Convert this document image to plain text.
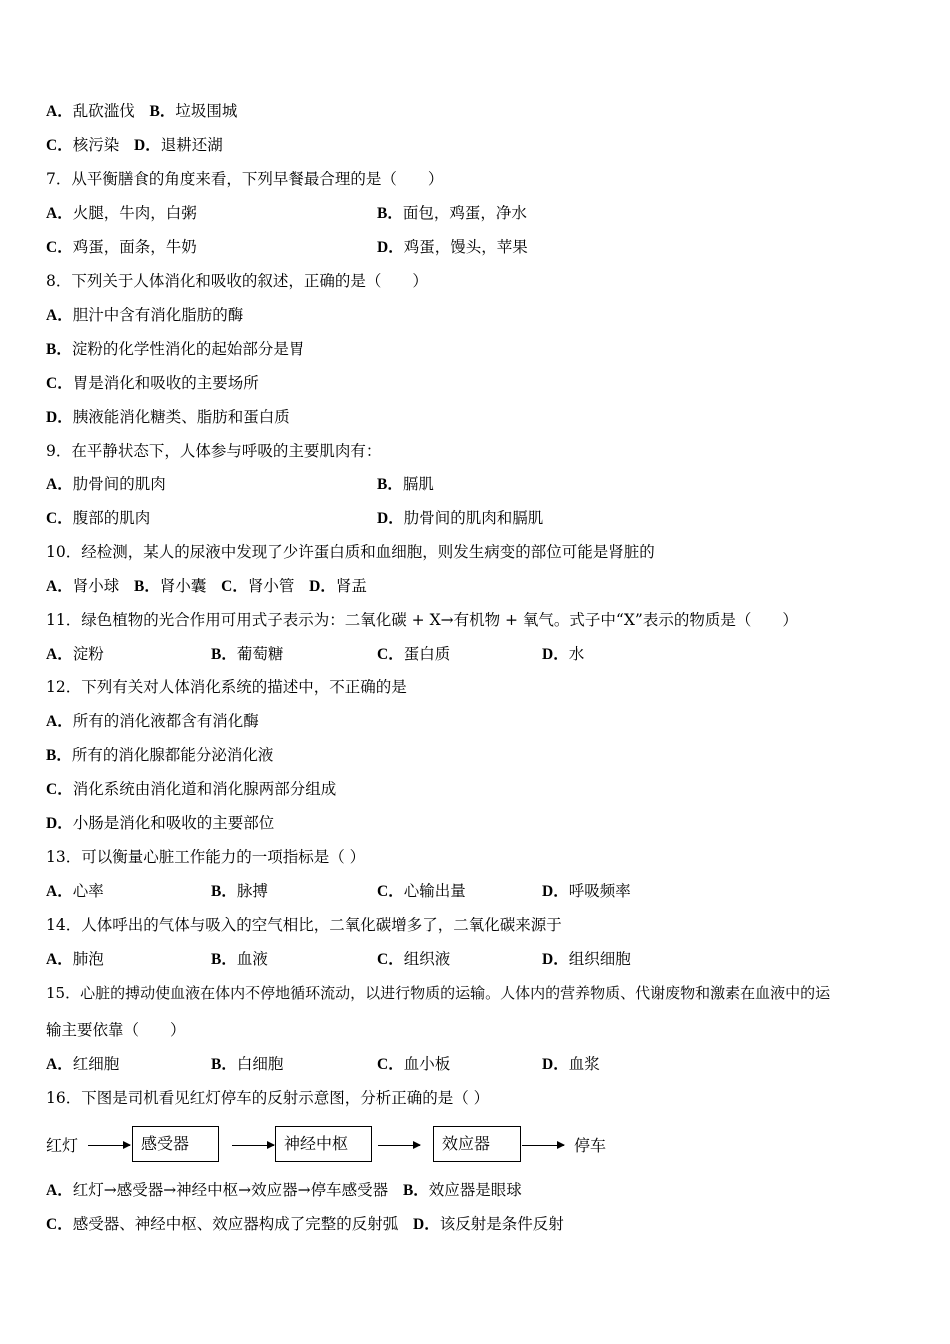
A．乱砍滥伐 B．垃圾围城
C．核污染 D．退耕还湖
7．从平衡膳食的角度来看，下列早餐最合理的是（　　）
A．火腿，牛肉，白粥	B．面包，鸡蛋，净水
C．鸡蛋，面条，牛奶	D．鸡蛋，馒头，苹果
8．下列关于人体消化和吸收的叙述，正确的是（　　）
A．胆汁中含有消化脂肪的酶
B．淀粉的化学性消化的起始部分是胃
C．胃是消化和吸收的主要场所
D．胰液能消化糖类、脂肪和蛋白质
9．在平静状态下，人体参与呼吸的主要肌肉有：
A．肋骨间的肌肉	B．膈肌
C．腹部的肌肉	D．肋骨间的肌肉和膈肌
10．经检测，某人的尿液中发现了少许蛋白质和血细胞，则发生病变的部位可能是肾脏的
A．肾小球 B．肾小囊 C．肾小管 D．肾盂
11．绿色植物的光合作用可用式子表示为：二氧化碳 + X→有机物 + 氧气。式子中“X”表示的物质是（　　）
A．淀粉	B．葡萄糖	C．蛋白质	D．水
12．下列有关对人体消化系统的描述中，不正确的是
A．所有的消化液都含有消化酶
B．所有的消化腺都能分泌消化液
C．消化系统由消化道和消化腺两部分组成
D．小肠是消化和吸收的主要部位
13．可以衡量心脏工作能力的一项指标是（ ）
A．心率	B．脉搏	C．心输出量	D．呼吸频率
14．人体呼出的气体与吸入的空气相比，二氧化碳增多了，二氧化碳来源于
A．肺泡	B．血液	C．组织液	D．组织细胞
15．心脏的搏动使血液在体内不停地循环流动，以进行物质的运输。人体内的营养物质、代谢废物和激素在血液中的运
输主要依靠（　　）
A．红细胞	B．白细胞	C．血小板	D．血浆
16．下图是司机看见红灯停车的反射示意图，分析正确的是（ ）
红灯	感受器	神经中枢	效应器	停车
A．红灯→感受器→神经中枢→效应器→停车感受器 B．效应器是眼球
C．感受器、神经中枢、效应器构成了完整的反射弧 D．该反射是条件反射
